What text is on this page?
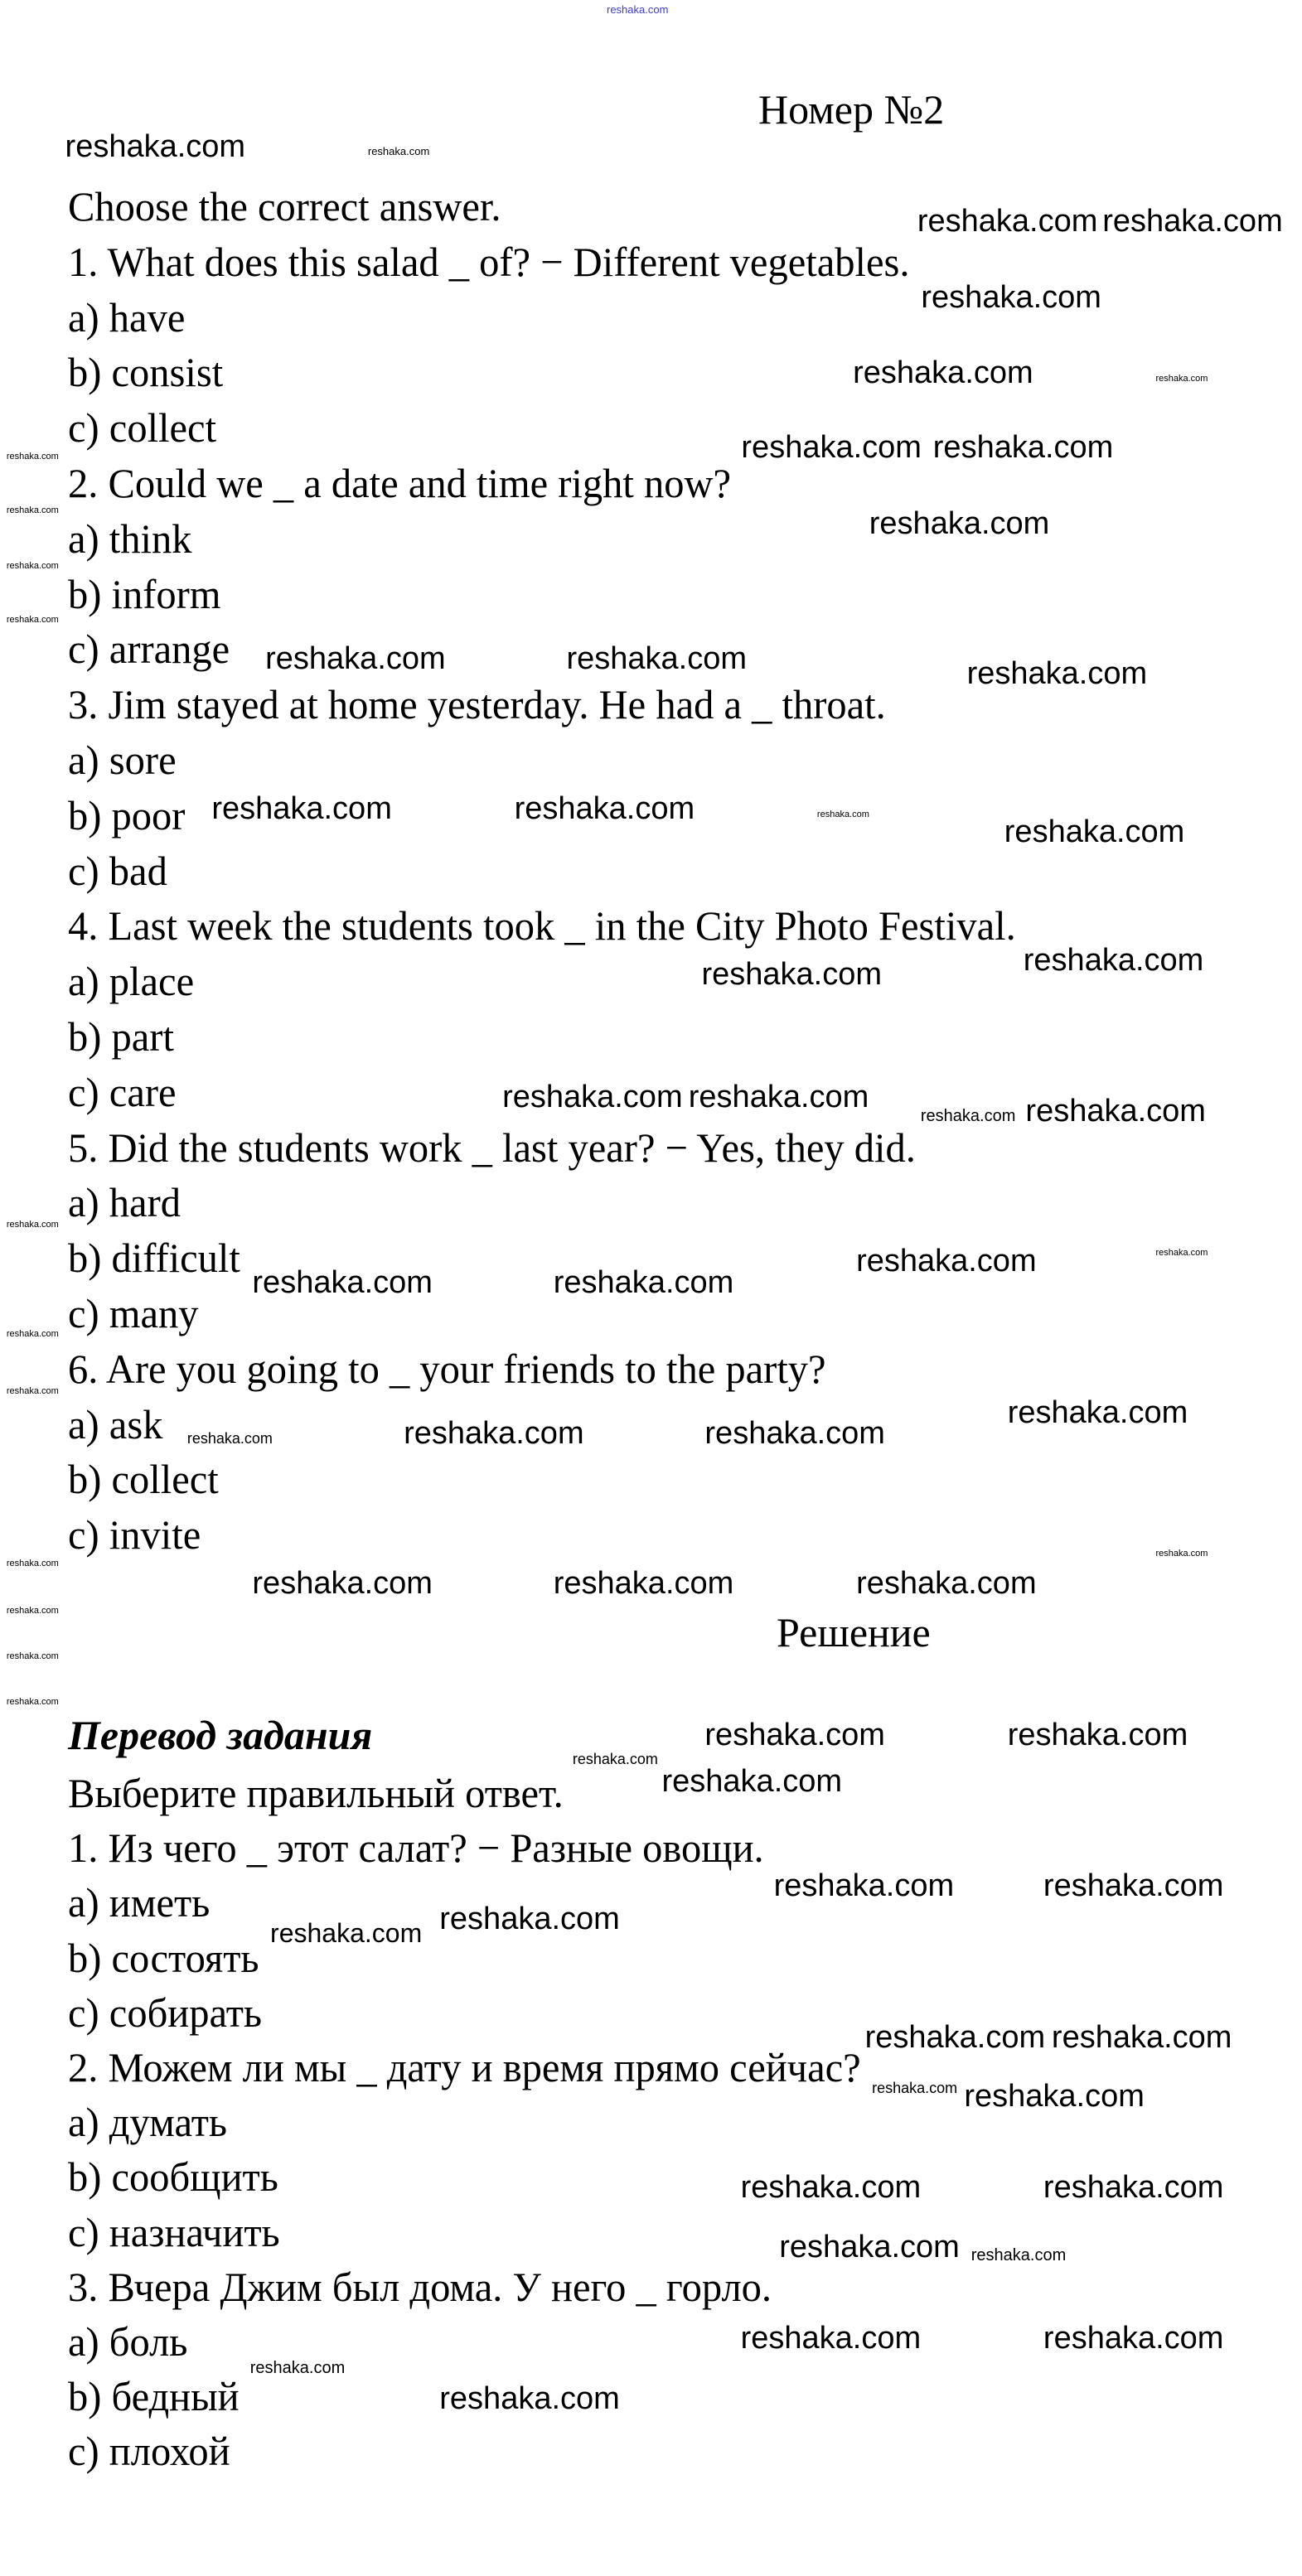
reshaka.com
Номер №2
Choose the correct answer.
1. What does this salad _ of? − Different vegetables.
a) have
b) consist
c) collect
2. Could we _ a date and time right now?
a) think
b) inform
c) arrange
3. Jim stayed at home yesterday. He had a _ throat.
a) sore
b) poor
c) bad
4. Last week the students took _ in the City Photo Festival.
a) place
b) part
c) care
5. Did the students work _ last year? − Yes, they did.
a) hard
b) difficult
c) many
6. Are you going to _ your friends to the party?
a) ask
b) collect
c) invite
Решение
Перевод задания
Выберите правильный ответ.
1. Из чего _ этот салат? − Разные овощи.
a) иметь
b) состоять
c) собирать
2. Можем ли мы _ дату и время прямо сейчас?
a) думать
b) сообщить
c) назначить
3. Вчера Джим был дома. У него _ горло.
a) боль
b) бедный
c) плохой
reshaka.com	reshaka.com
reshaka.com reshaka.com
reshaka.com
reshaka.com	reshaka.com
reshaka.com reshaka.com
reshaka.com
reshaka.com
reshaka.com
reshaka.com
reshaka.com
reshaka.com	reshaka.com	reshaka.com
reshaka.com	reshaka.com	reshaka.com	reshaka.com
reshaka.com
reshaka.com
reshaka.com reshaka.com
reshaka.com
reshaka.com
reshaka.com
reshaka.com
reshaka.com
reshaka.com	reshaka.com
reshaka.com
reshaka.com
reshaka.com
reshaka.com	reshaka.com	reshaka.com
reshaka.com
reshaka.com
reshaka.com	reshaka.com	reshaka.com
reshaka.com
reshaka.com
reshaka.com
reshaka.com	reshaka.com
reshaka.com
reshaka.com
reshaka.com	reshaka.com
reshaka.com
reshaka.com
reshaka.com reshaka.com
reshaka.com reshaka.com
reshaka.com	reshaka.com
reshaka.com reshaka.com
reshaka.com	reshaka.com
reshaka.com
reshaka.com
